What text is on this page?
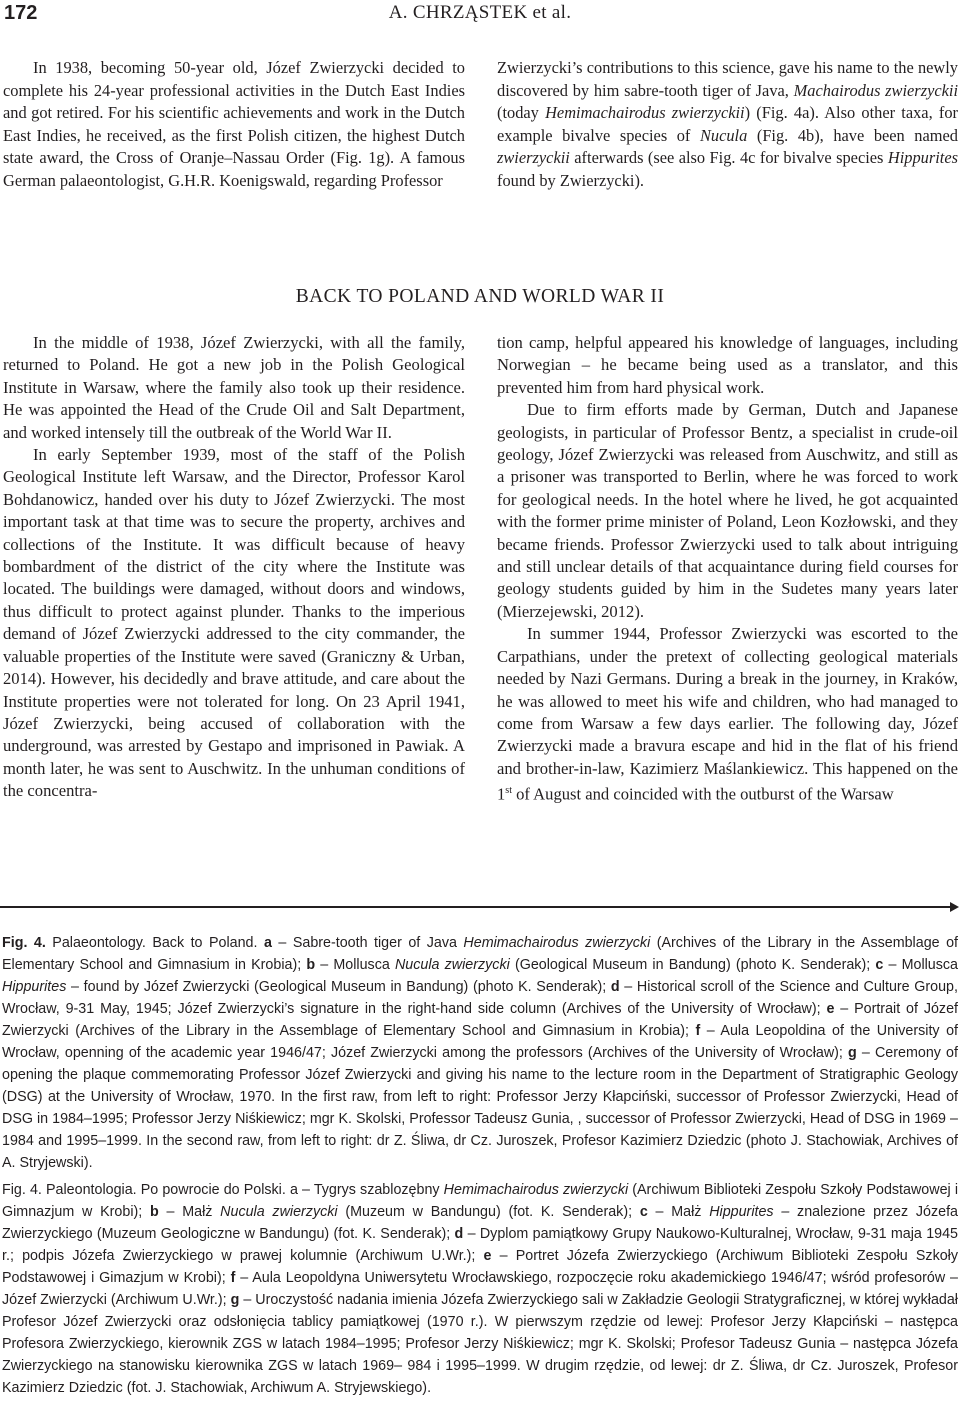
172	A. CHRZĄSTEK et al.

In 1938, becoming 50-year old, Józef Zwierzycki decided to complete his 24-year professional activities in the Dutch East Indies and got retired. For his scientific achievements and work in the Dutch East Indies, he received, as the first Polish citizen, the highest Dutch state award, the Cross of Oranje–Nassau Order (Fig. 1g). A famous German palaeontologist, G.H.R. Koenigswald, regarding Professor

Zwierzycki’s contributions to this science, gave his name to the newly discovered by him sabre-tooth tiger of Java, Machairodus zwierzyckii (today Hemimachairodus zwierzyckii) (Fig. 4a). Also other taxa, for example bivalve species of Nucula (Fig. 4b), have been named zwierzyckii afterwards (see also Fig. 4c for bivalve species Hippurites found by Zwierzycki).

BACK TO POLAND AND WORLD WAR II

In the middle of 1938, Józef Zwierzycki, with all the family, returned to Poland. He got a new job in the Polish Geological Institute in Warsaw, where the family also took up their residence. He was appointed the Head of the Crude Oil and Salt Department, and worked intensely till the outbreak of the World War II.

In early September 1939, most of the staff of the Polish Geological Institute left Warsaw, and the Director, Professor Karol Bohdanowicz, handed over his duty to Józef Zwierzycki. The most important task at that time was to secure the property, archives and collections of the Institute. It was difficult because of heavy bombardment of the district of the city where the Institute was located. The buildings were damaged, without doors and windows, thus difficult to protect against plunder. Thanks to the imperious demand of Józef Zwierzycki addressed to the city commander, the valuable properties of the Institute were saved (Graniczny & Urban, 2014). However, his decidedly and brave attitude, and care about the Institute properties were not tolerated for long. On 23 April 1941, Józef Zwierzycki, being accused of collaboration with the underground, was arrested by Gestapo and imprisoned in Pawiak. A month later, he was sent to Auschwitz. In the unhuman conditions of the concentra-

tion camp, helpful appeared his knowledge of languages, including Norwegian – he became being used as a translator, and this prevented him from hard physical work.

Due to firm efforts made by German, Dutch and Japanese geologists, in particular of Professor Bentz, a specialist in crude-oil geology, Józef Zwierzycki was released from Auschwitz, and still as a prisoner was transported to Berlin, where he was forced to work for geological needs. In the hotel where he lived, he got acquainted with the former prime minister of Poland, Leon Kozłowski, and they became friends. Professor Zwierzycki used to talk about intriguing and still unclear details of that acquaintance during field courses for geology students guided by him in the Sudetes many years later (Mierzejewski, 2012).

In summer 1944, Professor Zwierzycki was escorted to the Carpathians, under the pretext of collecting geological materials needed by Nazi Germans. During a break in the journey, in Kraków, he was allowed to meet his wife and children, who had managed to come from Warsaw a few days earlier. The following day, Józef Zwierzycki made a bravura escape and hid in the flat of his friend and brother-in-law, Kazimierz Maślankiewicz. This happened on the 1st of August and coincided with the outburst of the Warsaw

Fig. 4. Palaeontology. Back to Poland. a – Sabre-tooth tiger of Java Hemimachairodus zwierzycki (Archives of the Library in the Assemblage of Elementary School and Gimnasium in Krobia); b – Mollusca Nucula zwierzycki (Geological Museum in Bandung) (photo K. Senderak); c – Mollusca Hippurites – found by Józef Zwierzycki (Geological Museum in Bandung) (photo K. Senderak); d – Historical scroll of the Science and Culture Group, Wrocław, 9-31 May, 1945; Józef Zwierzycki’s signature in the right-hand side column (Archives of the University of Wrocław); e – Portrait of Józef Zwierzycki (Archives of the Library in the Assemblage of Elementary School and Gimnasium in Krobia); f – Aula Leopoldina of the University of Wrocław, openning of the academic year 1946/47; Józef Zwierzycki among the professors (Archives of the University of Wrocław); g – Ceremony of opening the plaque commemorating Professor Józef Zwierzycki and giving his name to the lecture room in the Department of Stratigraphic Geology (DSG) at the University of Wrocław, 1970. In the first raw, from left to right: Professor Jerzy Kłapciński, successor of Professor Zwierzycki, Head of DSG in 1984–1995; Professor Jerzy Niśkiewicz; mgr K. Skolski, Professor Tadeusz Gunia, , successor of Professor Zwierzycki, Head of DSG in 1969 –1984 and 1995–1999. In the second raw, from left to right: dr Z. Śliwa, dr Cz. Juroszek, Profesor Kazimierz Dziedzic (photo J. Stachowiak, Archives of A. Stryjewski).
Fig. 4. Paleontologia. Po powrocie do Polski. a – Tygrys szablozębny Hemimachairodus zwierzycki (Archiwum Biblioteki Zespołu Szkoły Podstawowej i Gimnazjum w Krobi); b – Małż Nucula zwierzycki (Muzeum w Bandungu) (fot. K. Senderak); c – Małż Hippurites – znalezione przez Józefa Zwierzyckiego (Muzeum Geologiczne w Bandungu) (fot. K. Senderak); d – Dyplom pamiątkowy Grupy Naukowo-Kulturalnej, Wrocław, 9-31 maja 1945 r.; podpis Józefa Zwierzyckiego w prawej kolumnie (Archiwum U.Wr.); e – Portret Józefa Zwierzyckiego (Archiwum Biblioteki Zespołu Szkoły Podstawowej i Gimazjum w Krobi); f – Aula Leopoldyna Uniwersytetu Wrocławskiego, rozpoczęcie roku akademickiego 1946/47; wśród profesorów – Józef Zwierzycki (Archiwum U.Wr.); g – Uroczystość nadania imienia Józefa Zwierzyckiego sali w Zakładzie Geologii Stratygraficznej, w której wykładał Profesor Józef Zwierzycki oraz odsłonięcia tablicy pamiątkowej (1970 r.). W pierwszym rzędzie od lewej: Profesor Jerzy Kłapciński – następca Profesora Zwierzyckiego, kierownik ZGS w latach 1984–1995; Profesor Jerzy Niśkiewicz; mgr K. Skolski; Profesor Tadeusz Gunia – następca Józefa Zwierzyckiego na stanowisku kierownika ZGS w latach 1969– 984 i 1995–1999. W drugim rzędzie, od lewej: dr Z. Śliwa, dr Cz. Juroszek, Profesor Kazimierz Dziedzic (fot. J. Stachowiak, Archiwum A. Stryjewskiego).
